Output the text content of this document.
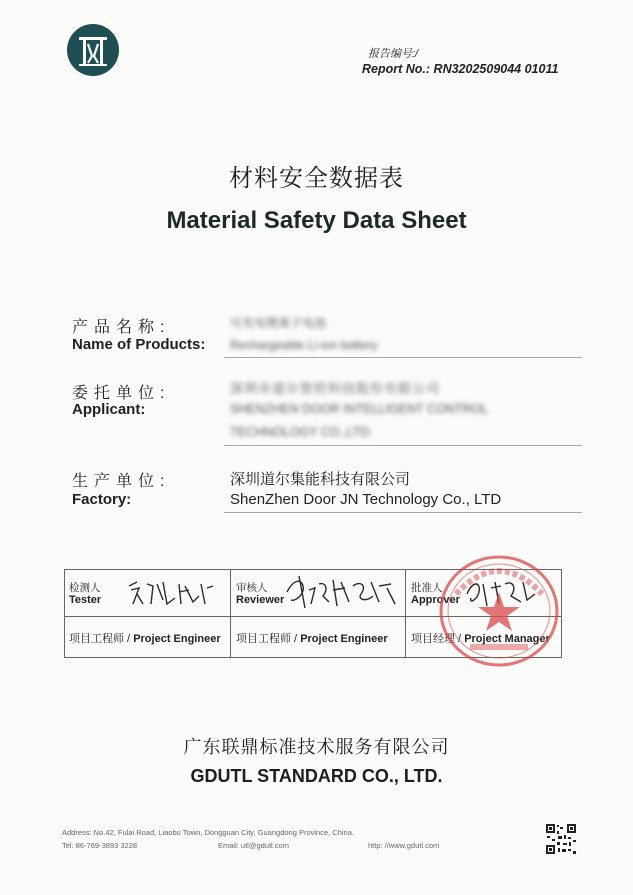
报告编号:/
Report No.: RN3202509044 01011
材料安全数据表
Material Safety Data Sheet
产品名称:
Name of Products:
可充电锂离子电池
Rechargeable Li-ion battery
委托单位:
Applicant:
深圳市道尔智控科技股份有限公司
SHENZHEN DOOR INTELLIGENT CONTROL
TECHNOLOGY CO.,LTD.
生产单位:
Factory:
深圳道尔集能科技有限公司
ShenZhen Door JN Technology Co., LTD
检测人
Tester
项目工程师 / Project Engineer
审核人
Reviewer
项目工程师 / Project Engineer
批准人
Approver
项目经理 / Project Manager
广东联鼎标准技术服务有限公司
GDUTL STANDARD CO., LTD.
Address: No.42, Fulai Road, Liaobu Town, Dongguan City, Guangdong Province, China.
Tel: 86-769-3893 3228	Email: utl@gdutl.com	http: //www.gdutl.com
